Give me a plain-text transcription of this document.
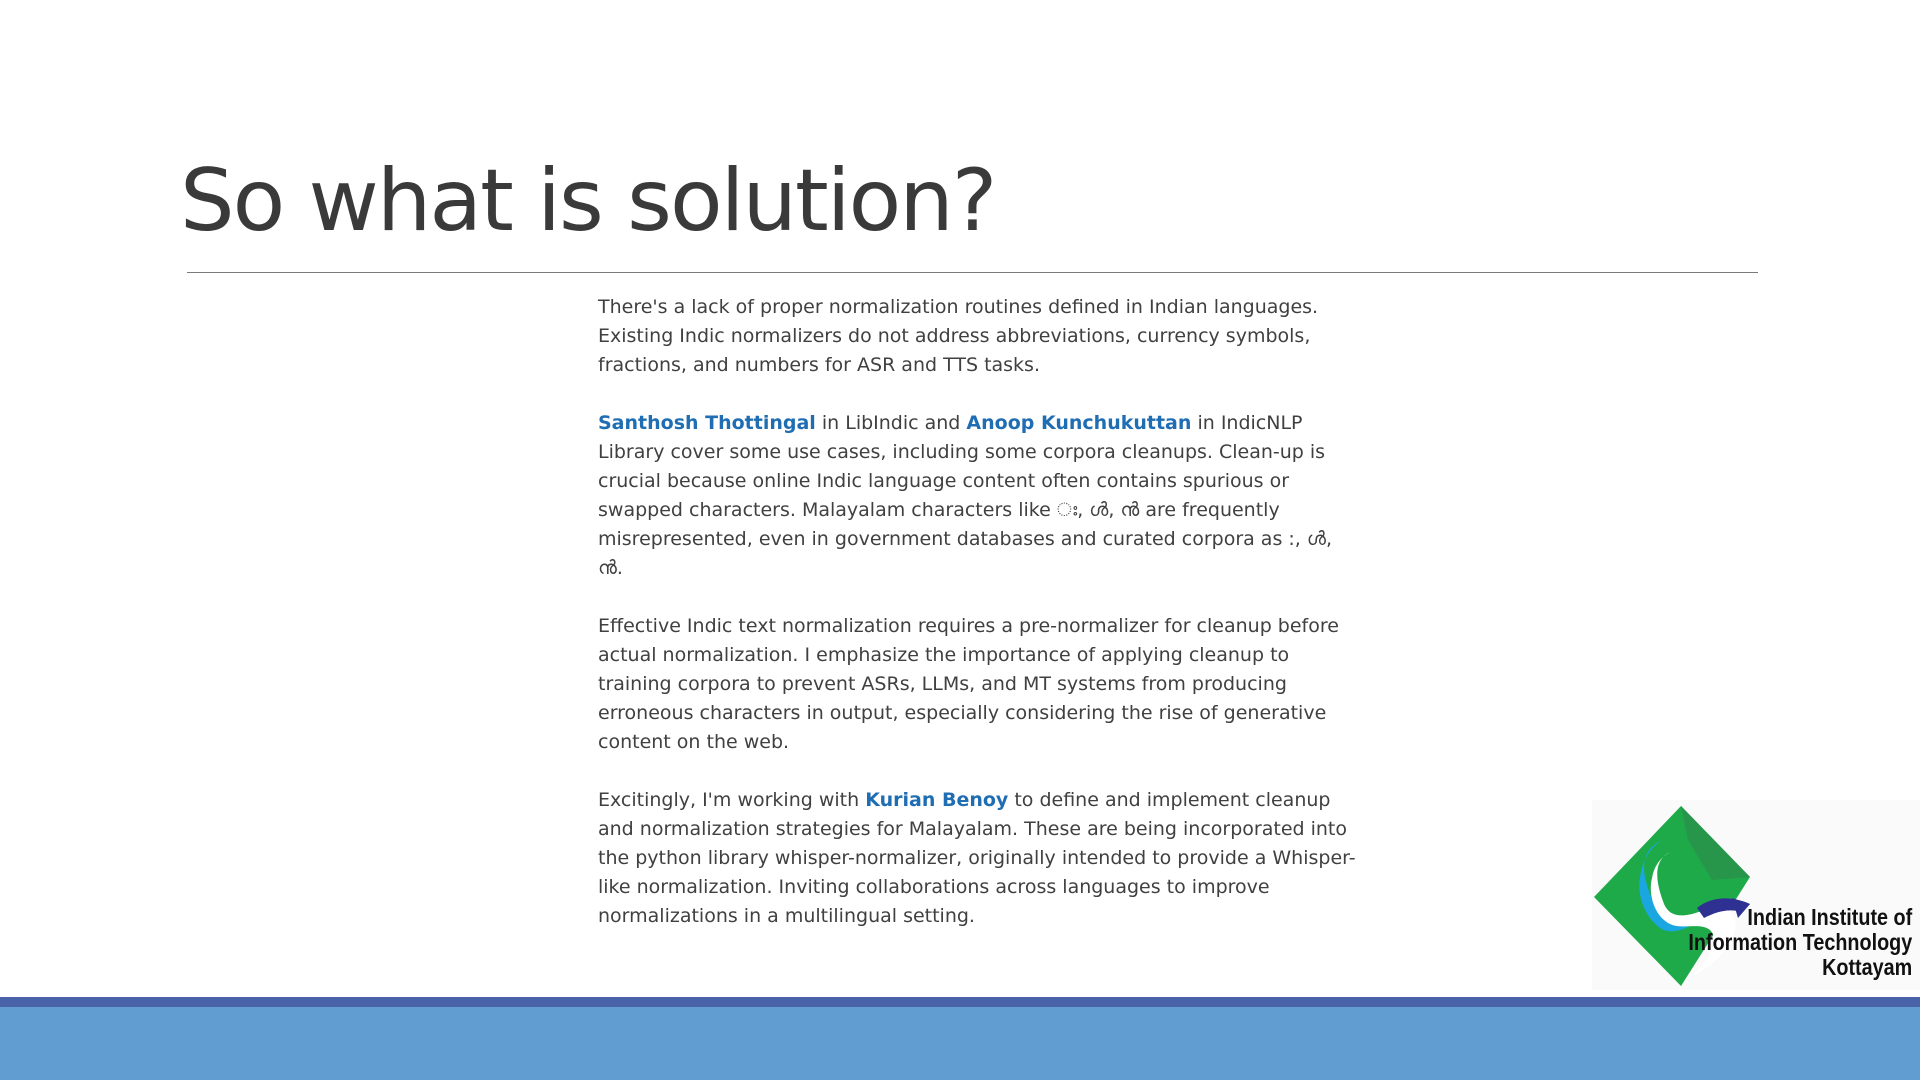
So what is solution?

There's a lack of proper normalization routines defined in Indian languages. Existing Indic normalizers do not address abbreviations, currency symbols, fractions, and numbers for ASR and TTS tasks.

Santhosh Thottingal in LibIndic and Anoop Kunchukuttan in IndicNLP Library cover some use cases, including some corpora cleanups. Clean-up is crucial because online Indic language content often contains spurious or swapped characters. Malayalam characters like ഃ, ൾ, ൻ are frequently misrepresented, even in government databases and curated corpora as :, ൾ, ൻ.

Effective Indic text normalization requires a pre-normalizer for cleanup before actual normalization. I emphasize the importance of applying cleanup to training corpora to prevent ASRs, LLMs, and MT systems from producing erroneous characters in output, especially considering the rise of generative content on the web.

Excitingly, I'm working with Kurian Benoy to define and implement cleanup and normalization strategies for Malayalam. These are being incorporated into the python library whisper-normalizer, originally intended to provide a Whisper-like normalization. Inviting collaborations across languages to improve normalizations in a multilingual setting.	Indian Institute of
Information Technology
Kottayam
